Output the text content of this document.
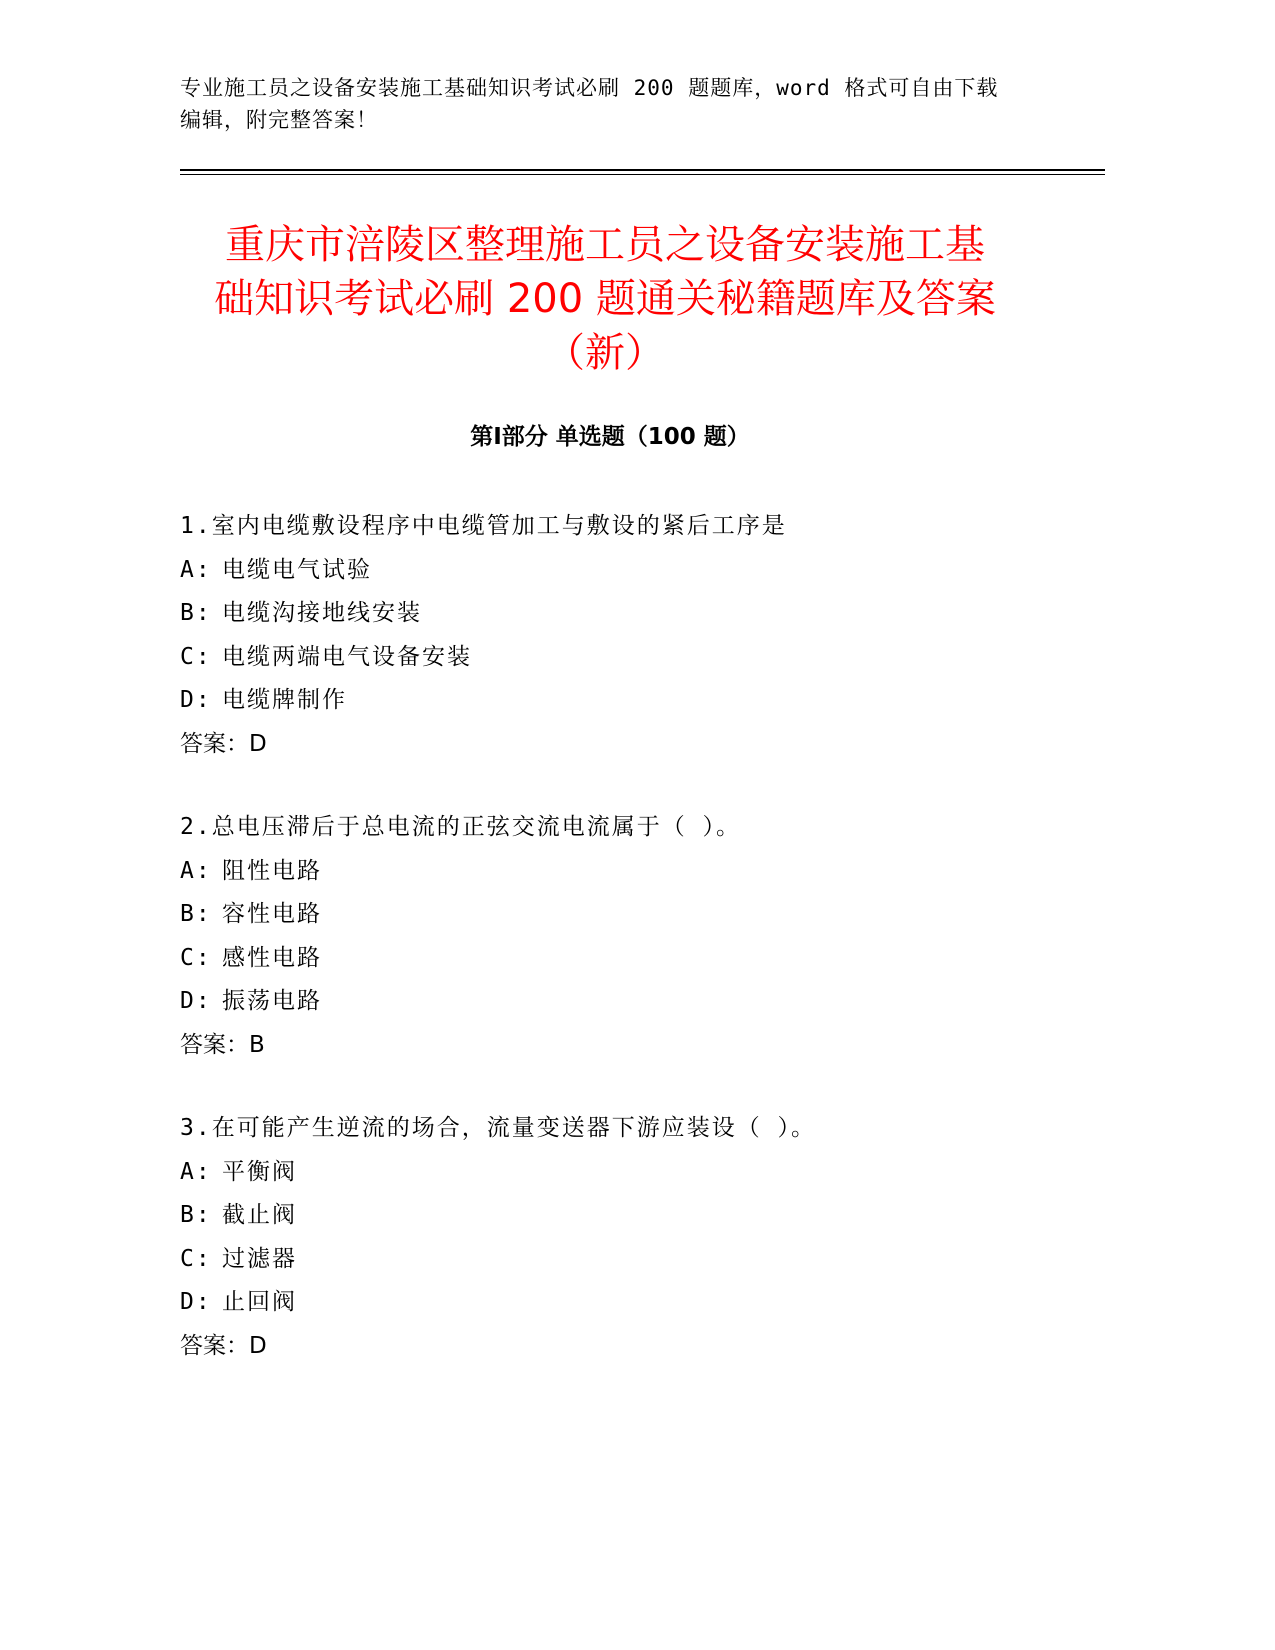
专业施工员之设备安装施工基础知识考试必刷 200 题题库，word 格式可自由下载
编辑，附完整答案！
重庆市涪陵区整理施工员之设备安装施工基
础知识考试必刷 200 题通关秘籍题库及答案
（新）
第Ⅰ部分 单选题（100 题）
1.室内电缆敷设程序中电缆管加工与敷设的紧后工序是
A: 电缆电气试验
B: 电缆沟接地线安装
C: 电缆两端电气设备安装
D: 电缆牌制作
答案：D
2.总电压滞后于总电流的正弦交流电流属于（ ）。
A: 阻性电路
B: 容性电路
C: 感性电路
D: 振荡电路
答案：B
3.在可能产生逆流的场合，流量变送器下游应装设（ ）。
A: 平衡阀
B: 截止阀
C: 过滤器
D: 止回阀
答案：D
